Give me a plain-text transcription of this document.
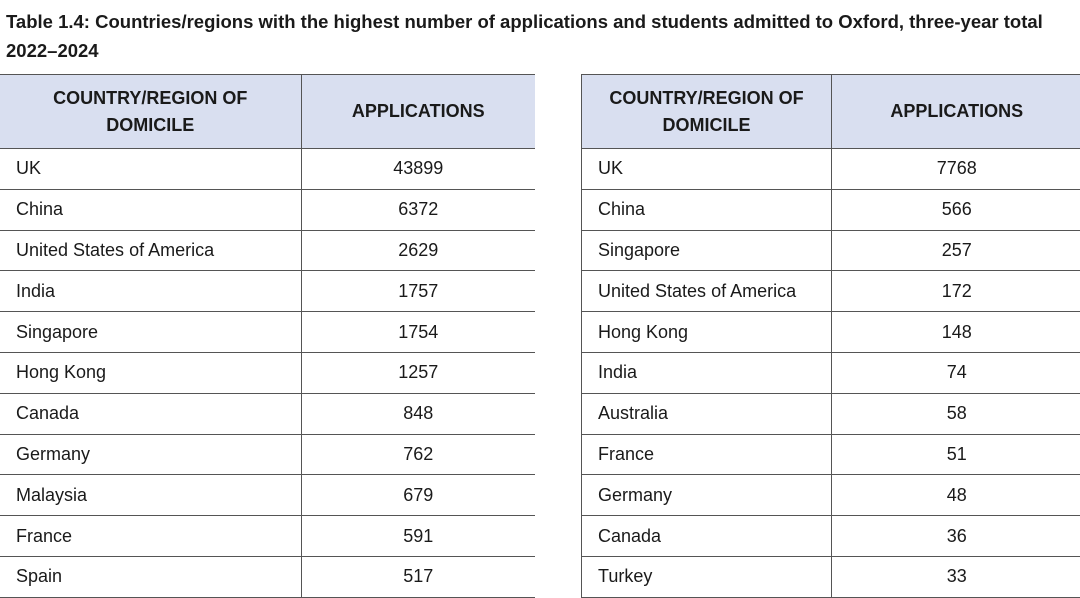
Table 1.4: Countries/regions with the highest number of applications and students admitted to Oxford, three-year total 2022–2024
COUNTRY/REGION OF DOMICILE	APPLICATIONS
UK	43899
China	6372
United States of America	2629
India	1757
Singapore	1754
Hong Kong	1257
Canada	848
Germany	762
Malaysia	679
France	591
Spain	517
COUNTRY/REGION OF DOMICILE	APPLICATIONS
UK	7768
China	566
Singapore	257
United States of America	172
Hong Kong	148
India	74
Australia	58
France	51
Germany	48
Canada	36
Turkey	33
